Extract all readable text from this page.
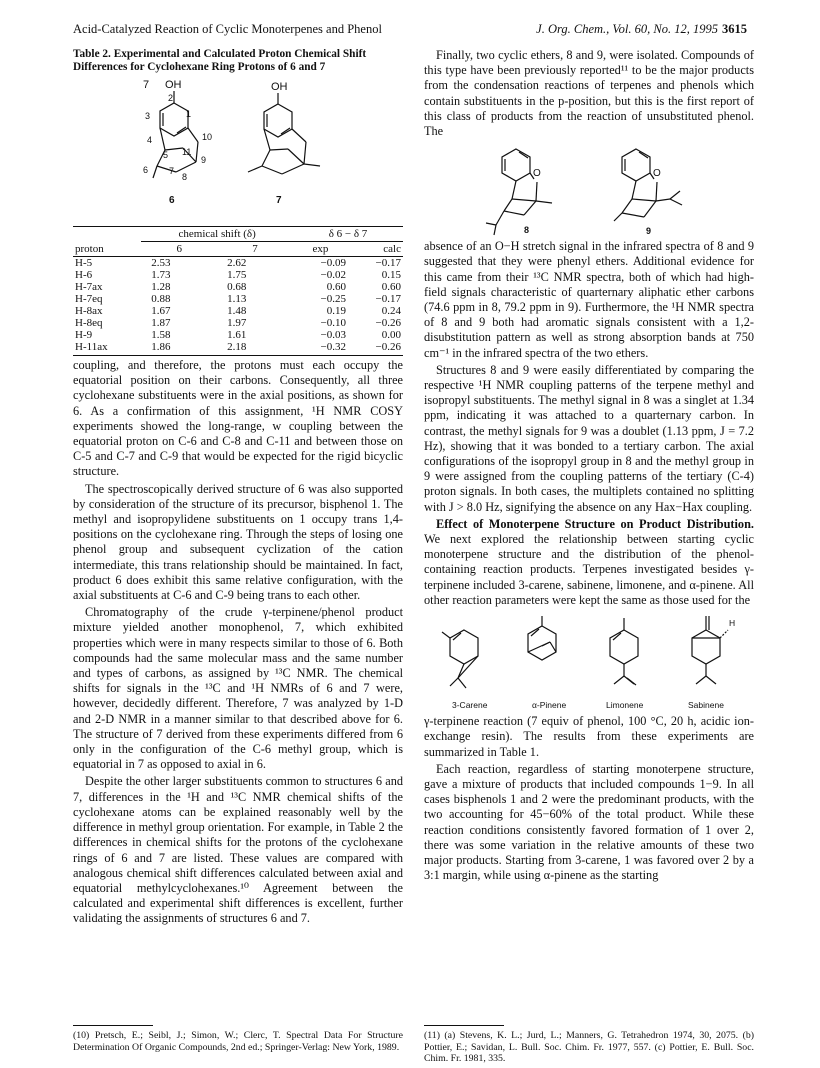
Acid-Catalyzed Reaction of Cyclic Monoterpenes and Phenol	J. Org. Chem., Vol. 60, No. 12, 1995 3615
Table 2. Experimental and Calculated Proton Chemical Shift Differences for Cyclohexane Ring Protons of 6 and 7
7 OH
2
3	1
4	10
5 11
9
6 7
8
6
OH
7
	chemical shift (δ)		δ 6 − δ 7	
proton	6	7	exp	calc
H-5	2.53	2.62	−0.09	−0.17
H-6	1.73	1.75	−0.02	0.15
H-7ax	1.28	0.68	0.60	0.60
H-7eq	0.88	1.13	−0.25	−0.17
H-8ax	1.67	1.48	0.19	0.24
H-8eq	1.87	1.97	−0.10	−0.26
H-9	1.58	1.61	−0.03	0.00
H-11ax	1.86	2.18	−0.32	−0.26

coupling, and therefore, the protons must each occupy the equatorial position on their carbons. Consequently, all three cyclohexane substituents were in the axial positions, as shown for 6. As a confirmation of this assignment, ¹H NMR COSY experiments showed the long-range, w coupling between the equatorial proton on C-6 and C-8 and C-11 and between those on C-5 and C-7 and C-9 that would be expected for the rigid bicyclic structure.

The spectroscopically derived structure of 6 was also supported by consideration of the structure of its precursor, bisphenol 1. The methyl and isopropylidene substituents on 1 occupy trans 1,4-positions on the cyclohexane ring. Through the steps of losing one phenol group and subsequent cyclization of the cation intermediate, this trans relationship should be maintained. In fact, product 6 does exhibit this same relative configuration, with the axial substituents at C-6 and C-9 being trans to each other.

Chromatography of the crude γ-terpinene/phenol product mixture yielded another monophenol, 7, which exhibited properties which were in many respects similar to those of 6. Both compounds had the same molecular mass and the same number and types of carbons, as assigned by ¹³C NMR. The chemical shifts for signals in the ¹³C and ¹H NMRs of 6 and 7 were, however, decidedly different. Therefore, 7 was analyzed by 1-D and 2-D NMR in a manner similar to that described above for 6. The structure of 7 derived from these experiments differed from 6 only in the configuration of the C-6 methyl group, which is equatorial in 7 as opposed to axial in 6.

Despite the other larger substituents common to structures 6 and 7, differences in the ¹H and ¹³C NMR chemical shifts of the cyclohexane atoms can be explained reasonably well by the difference in methyl group orientation. For example, in Table 2 the differences in chemical shifts for the protons of the cyclohexane rings of 6 and 7 are listed. These values are compared with analogous chemical shift differences calculated between axial and equatorial methylcyclohexanes.¹⁰ Agreement between the calculated and experimental shift differences is excellent, further validating the assignments of structures 6 and 7.

Finally, two cyclic ethers, 8 and 9, were isolated. Compounds of this type have been previously reported¹¹ to be the major products from the condensation reactions of terpenes and phenols which contain substituents in the p-position, but this is the first report of this class of products from the reaction of unsubstituted phenol. The

O
8
O
9

absence of an O−H stretch signal in the infrared spectra of 8 and 9 suggested that they were phenyl ethers. Additional evidence for this came from their ¹³C NMR spectra, both of which had high-field signals characteristic of quarternary aliphatic ether carbons (74.6 ppm in 8, 79.2 ppm in 9). Furthermore, the ¹H NMR spectra of 8 and 9 both had aromatic signals consistent with a 1,2-disubstitution pattern as well as strong absorption bands at 750 cm⁻¹ in the infrared spectra of the two ethers.

Structures 8 and 9 were easily differentiated by comparing the respective ¹H NMR coupling patterns of the terpene methyl and isopropyl substituents. The methyl signal in 8 was a singlet at 1.34 ppm, indicating it was attached to a quarternary carbon. In contrast, the methyl signals for 9 was a doublet (1.13 ppm, J = 7.2 Hz), showing that it was bonded to a tertiary carbon. The axial configurations of the isopropyl group in 8 and the methyl group in 9 were assigned from the coupling patterns of the tertiary (C-4) proton signals. In both cases, the multiplets contained no splitting with J > 8.0 Hz, signifying the absence on any Hax−Hax coupling.

Effect of Monoterpene Structure on Product Distribution. We next explored the relationship between starting cyclic monoterpene structure and the distribution of the phenol-containing reaction products. Terpenes investigated besides γ-terpinene included 3-carene, sabinene, limonene, and α-pinene. All other reaction parameters were kept the same as those used for the

3-Carene	α-Pinene	Limonene
H
Sabinene

γ-terpinene reaction (7 equiv of phenol, 100 °C, 20 h, acidic ion-exchange resin). The results from these experiments are summarized in Table 1.

Each reaction, regardless of starting monoterpene structure, gave a mixture of products that included compounds 1−9. In all cases bisphenols 1 and 2 were the predominant products, with the two accounting for 45−60% of the total product. While these reaction conditions consistently favored formation of 1 over 2, there was some variation in the relative amounts of these two major products. Starting from 3-carene, 1 was favored over 2 by a 3:1 margin, while using α-pinene as the starting

(10) Pretsch, E.; Seibl, J.; Simon, W.; Clerc, T. Spectral Data For Structure Determination Of Organic Compounds, 2nd ed.; Springer-Verlag: New York, 1989.
(11) (a) Stevens, K. L.; Jurd, L.; Manners, G. Tetrahedron 1974, 30, 2075. (b) Pottier, E.; Savidan, L. Bull. Soc. Chim. Fr. 1977, 557. (c) Pottier, E. Bull. Soc. Chim. Fr. 1981, 335.
